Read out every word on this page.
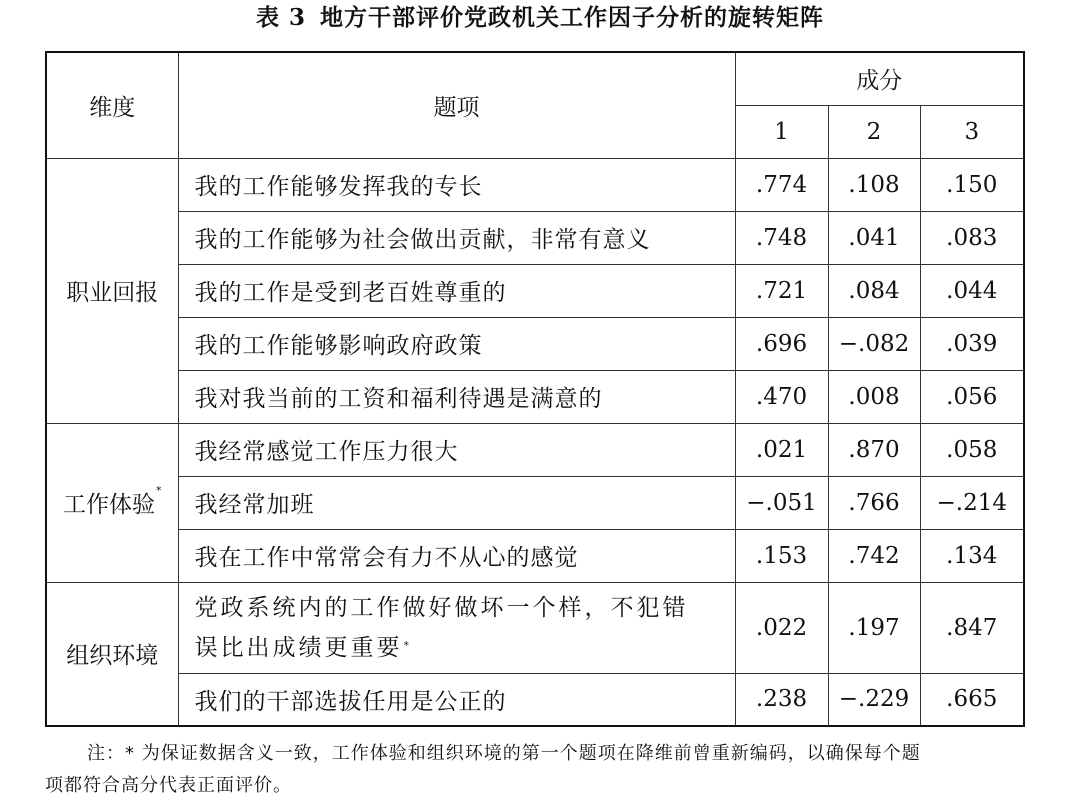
表 3 地方干部评价党政机关工作因子分析的旋转矩阵
维度	题项	成分		
		1	2	3
职业回报	我的工作能够发挥我的专长	.774	.108	.150
	我的工作能够为社会做出贡献，非常有意义	.748	.041	.083
	我的工作是受到老百姓尊重的	.721	.084	.044
	我的工作能够影响政府政策	.696	−.082	.039
	我对我当前的工资和福利待遇是满意的	.470	.008	.056
工作体验*	我经常感觉工作压力很大	.021	.870	.058
	我经常加班	−.051	.766	−.214
	我在工作中常常会有力不从心的感觉	.153	.742	.134
组织环境	党政系统内的工作做好做坏一个样，不犯错
误比出成绩更重要*	.022	.197	.847
	我们的干部选拔任用是公正的	.238	−.229	.665
注：* 为保证数据含义一致，工作体验和组织环境的第一个题项在降维前曾重新编码，以确保每个题
项都符合高分代表正面评价。
